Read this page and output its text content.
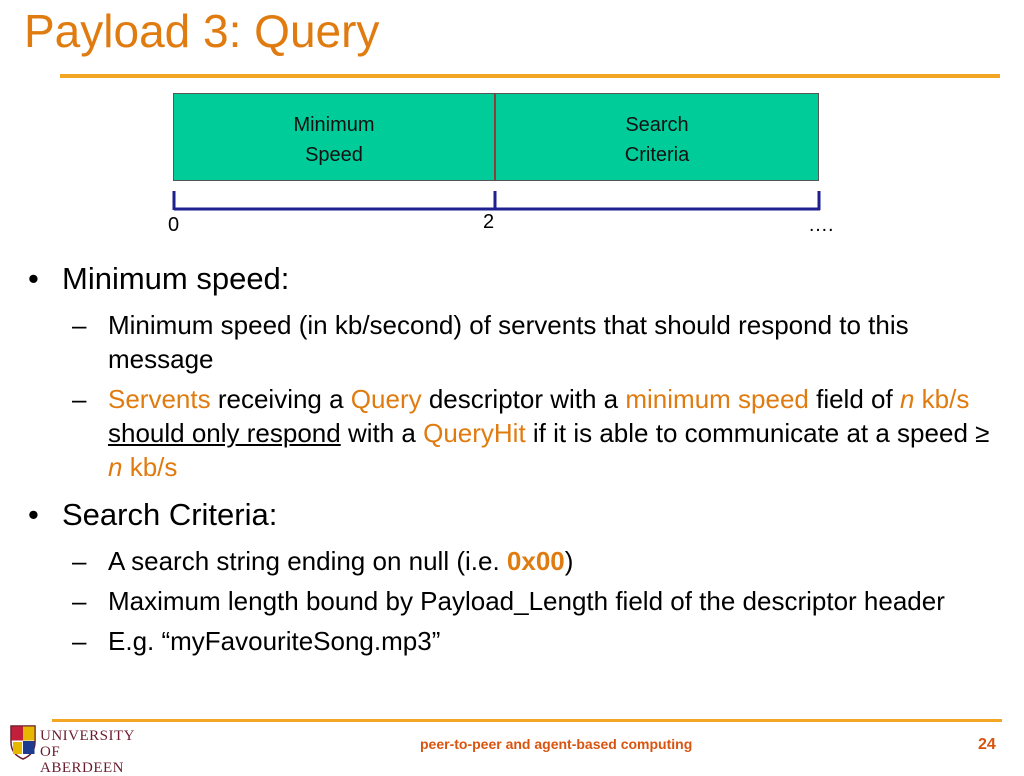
Payload 3: Query
Minimum
Speed
Search
Criteria
0	2	….
• Minimum speed:
– Minimum speed (in kb/second) of servents that should respond to this message
– Servents receiving a Query descriptor with a minimum speed field of n kb/s should only respond with a QueryHit if it is able to communicate at a speed ≥ n kb/s
• Search Criteria:
– A search string ending on null (i.e. 0x00)
– Maximum length bound by Payload_Length field of the descriptor header
– E.g. “myFavouriteSong.mp3”
UNIVERSITY
OF ABERDEEN
peer-to-peer and agent-based computing	24
